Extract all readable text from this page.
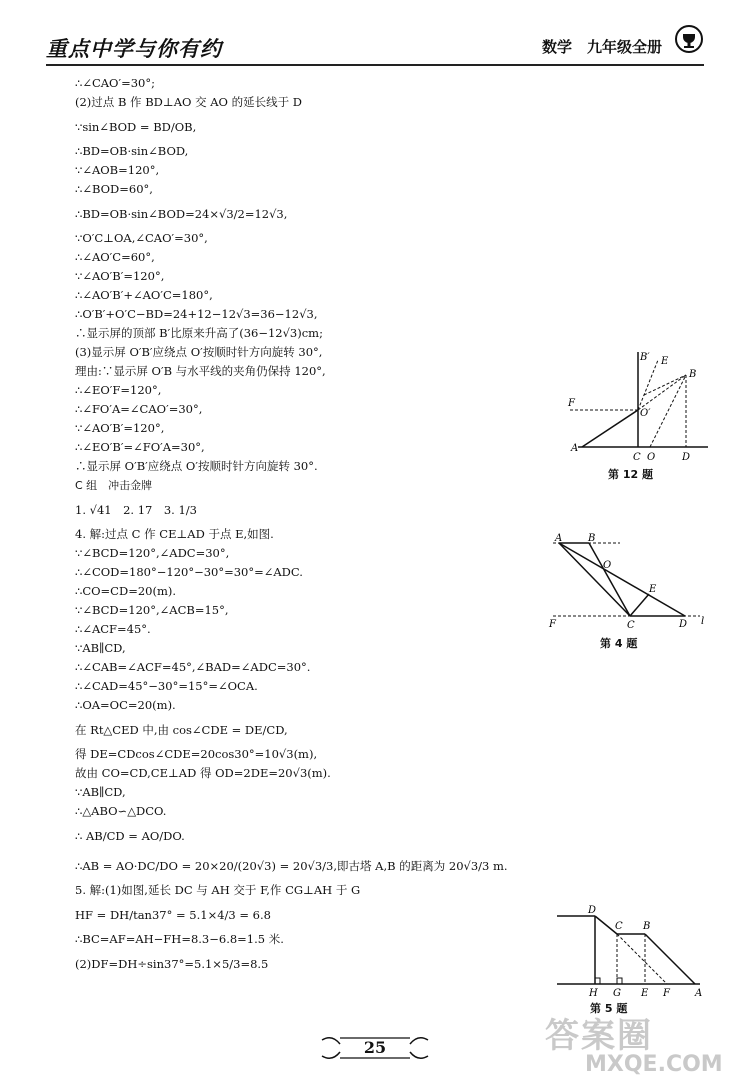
重点中学与你有约	数学　九年级全册
∴∠CAO′=30°;
(2)过点 B 作 BD⊥AO 交 AO 的延长线于 D
∵sin∠BOD = BD/OB,
∴BD=OB·sin∠BOD,
∵∠AOB=120°,
∴∠BOD=60°,
∴BD=OB·sin∠BOD=24×√3/2=12√3,
∵O′C⊥OA,∠CAO′=30°,
∴∠AO′C=60°,
∵∠AO′B′=120°,
∴∠AO′B′+∠AO′C=180°,
∴O′B′+O′C−BD=24+12−12√3=36−12√3,
∴显示屏的顶部 B′比原来升高了(36−12√3)cm;
(3)显示屏 O′B′应绕点 O′按顺时针方向旋转 30°,
理由:∵显示屏 O′B 与水平线的夹角仍保持 120°,
∴∠EO′F=120°,
∴∠FO′A=∠CAO′=30°,
∵∠AO′B′=120°,
∴∠EO′B′=∠FO′A=30°,
∴显示屏 O′B′应绕点 O′按顺时针方向旋转 30°.
C 组　冲击金牌
1. √41　2. 17　3. 1/3
4. 解:过点 C 作 CE⊥AD 于点 E,如图.
∵∠BCD=120°,∠ADC=30°,
∴∠COD=180°−120°−30°=30°=∠ADC.
∴CO=CD=20(m).
∵∠BCD=120°,∠ACB=15°,
∴∠ACF=45°.
∵AB∥CD,
∴∠CAB=∠ACF=45°,∠BAD=∠ADC=30°.
∴∠CAD=45°−30°=15°=∠OCA.
∴OA=OC=20(m).
在 Rt△CED 中,由 cos∠CDE = DE/CD,
得 DE=CDcos∠CDE=20cos30°=10√3(m),
故由 CO=CD,CE⊥AD 得 OD=2DE=20√3(m).
∵AB∥CD,
∴△ABO∽△DCO.
∴ AB/CD = AO/DO.
∴AB = AO·DC/DO = 20×20/(20√3) = 20√3/3,即古塔 A,B 的距离为 20√3/3 m.
5. 解:(1)如图,延长 DC 与 AH 交于 F,作 CG⊥AH 于 G
HF = DH/tan37° = 5.1×4/3 = 6.8
∴BC=AF=AH−FH=8.3−6.8=1.5 米.
(2)DF=DH÷sin37°=5.1×5/3=8.5
B′ E
B
F
O′
A
C O	D
第 12 题
A	B
O
E
F	C	D l
第 4 题
D
C B
H G E F	A
第 5 题
25	答案圈
MXQE.COM
